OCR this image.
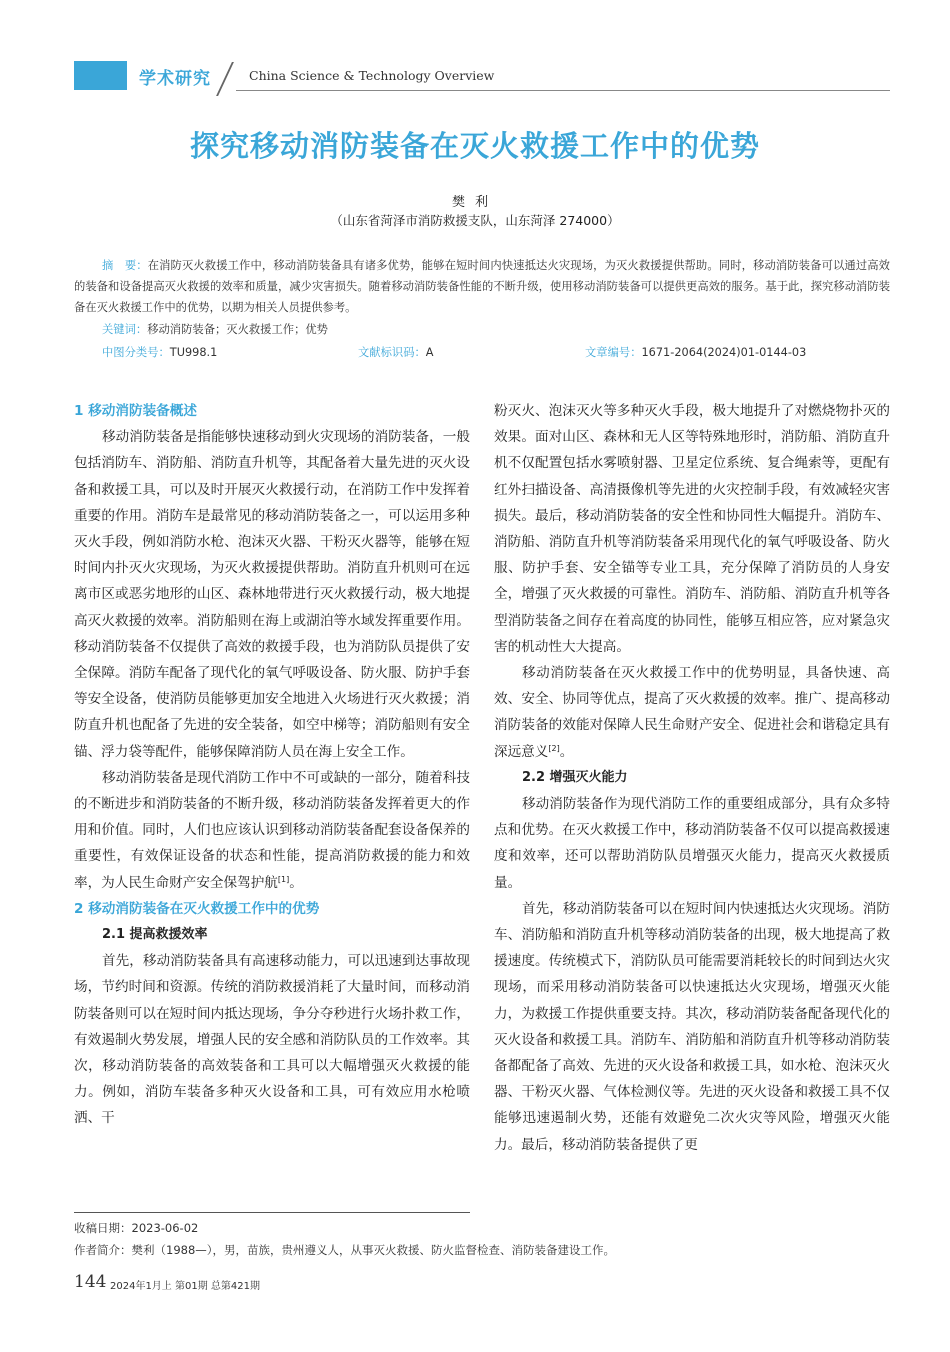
学术研究	China Science & Technology Overview
探究移动消防装备在灭火救援工作中的优势
樊利
（山东省菏泽市消防救援支队，山东菏泽 274000）

摘　要：在消防灭火救援工作中，移动消防装备具有诸多优势，能够在短时间内快速抵达火灾现场，为灭火救援提供帮助。同时，移动消防装备可以通过高效的装备和设备提高灭火救援的效率和质量，减少灾害损失。随着移动消防装备性能的不断升级，使用移动消防装备可以提供更高效的服务。基于此，探究移动消防装备在灭火救援工作中的优势，以期为相关人员提供参考。

关键词：移动消防装备；灭火救援工作；优势
中图分类号：TU998.1	文献标识码：A	文章编号：1671-2064(2024)01-0144-03
1 移动消防装备概述

移动消防装备是指能够快速移动到火灾现场的消防装备，一般包括消防车、消防船、消防直升机等，其配备着大量先进的灭火设备和救援工具，可以及时开展灭火救援行动，在消防工作中发挥着重要的作用。消防车是最常见的移动消防装备之一，可以运用多种灭火手段，例如消防水枪、泡沫灭火器、干粉灭火器等，能够在短时间内扑灭火灾现场，为灭火救援提供帮助。消防直升机则可在远离市区或恶劣地形的山区、森林地带进行灭火救援行动，极大地提高灭火救援的效率。消防船则在海上或湖泊等水域发挥重要作用。移动消防装备不仅提供了高效的救援手段，也为消防队员提供了安全保障。消防车配备了现代化的氧气呼吸设备、防火服、防护手套等安全设备，使消防员能够更加安全地进入火场进行灭火救援；消防直升机也配备了先进的安全装备，如空中梯等；消防船则有安全锚、浮力袋等配件，能够保障消防人员在海上安全工作。

移动消防装备是现代消防工作中不可或缺的一部分，随着科技的不断进步和消防装备的不断升级，移动消防装备发挥着更大的作用和价值。同时，人们也应该认识到移动消防装备配套设备保养的重要性，有效保证设备的状态和性能，提高消防救援的能力和效率，为人民生命财产安全保驾护航[1]。

2 移动消防装备在灭火救援工作中的优势
2.1 提高救援效率

首先，移动消防装备具有高速移动能力，可以迅速到达事故现场，节约时间和资源。传统的消防救援消耗了大量时间，而移动消防装备则可以在短时间内抵达现场，争分夺秒进行火场扑救工作，有效遏制火势发展，增强人民的安全感和消防队员的工作效率。其次，移动消防装备的高效装备和工具可以大幅增强灭火救援的能力。例如，消防车装备多种灭火设备和工具，可有效应用水枪喷洒、干

粉灭火、泡沫灭火等多种灭火手段，极大地提升了对燃烧物扑灭的效果。面对山区、森林和无人区等特殊地形时，消防船、消防直升机不仅配置包括水雾喷射器、卫星定位系统、复合绳索等，更配有红外扫描设备、高清摄像机等先进的火灾控制手段，有效减轻灾害损失。最后，移动消防装备的安全性和协同性大幅提升。消防车、消防船、消防直升机等消防装备采用现代化的氧气呼吸设备、防火服、防护手套、安全锚等专业工具，充分保障了消防员的人身安全，增强了灭火救援的可靠性。消防车、消防船、消防直升机等各型消防装备之间存在着高度的协同性，能够互相应答，应对紧急灾害的机动性大大提高。

移动消防装备在灭火救援工作中的优势明显，具备快速、高效、安全、协同等优点，提高了灭火救援的效率。推广、提高移动消防装备的效能对保障人民生命财产安全、促进社会和谐稳定具有深远意义[2]。

2.2 增强灭火能力

移动消防装备作为现代消防工作的重要组成部分，具有众多特点和优势。在灭火救援工作中，移动消防装备不仅可以提高救援速度和效率，还可以帮助消防队员增强灭火能力，提高灭火救援质量。

首先，移动消防装备可以在短时间内快速抵达火灾现场。消防车、消防船和消防直升机等移动消防装备的出现，极大地提高了救援速度。传统模式下，消防队员可能需要消耗较长的时间到达火灾现场，而采用移动消防装备可以快速抵达火灾现场，增强灭火能力，为救援工作提供重要支持。其次，移动消防装备配备现代化的灭火设备和救援工具。消防车、消防船和消防直升机等移动消防装备都配备了高效、先进的灭火设备和救援工具，如水枪、泡沫灭火器、干粉灭火器、气体检测仪等。先进的灭火设备和救援工具不仅能够迅速遏制火势，还能有效避免二次火灾等风险，增强灭火能力。最后，移动消防装备提供了更

收稿日期：2023-06-02
作者简介：樊利（1988—），男，苗族，贵州遵义人，从事灭火救援、防火监督检查、消防装备建设工作。
144 2024年1月上 第01期 总第421期
